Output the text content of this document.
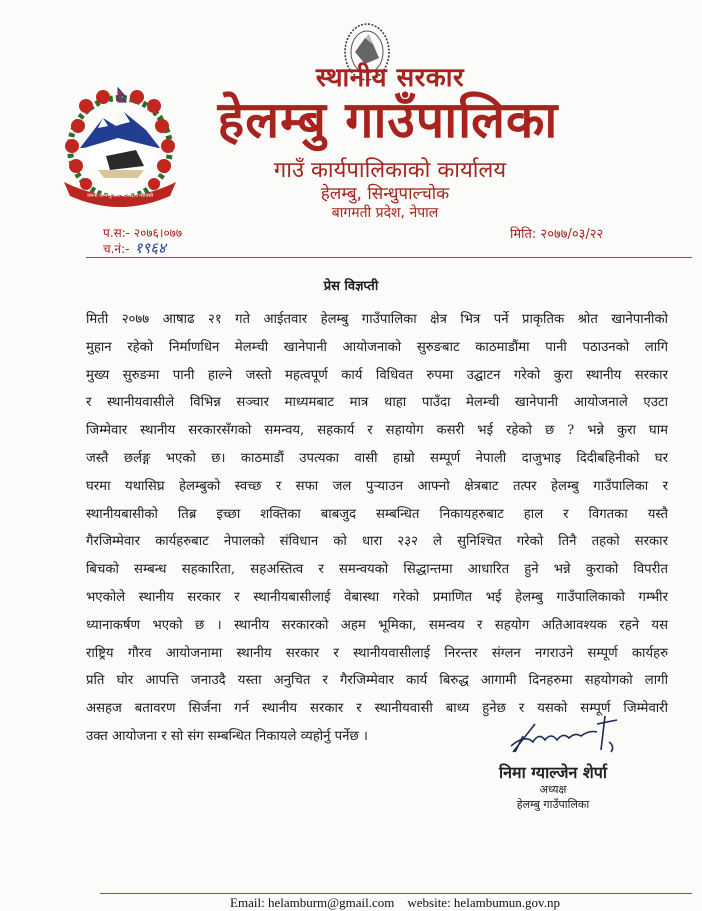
जननी जन्मभूमिश्च स्वर्गादपि गरीयसी
स्थानीय सरकार
हेलम्बु गाउँपालिका
गाउँ कार्यपालिकाको कार्यालय
हेलम्बु, सिन्धुपाल्चोक
बागमती प्रदेश, नेपाल
प.स:- २०७६।०७७
च.नं:- १९६४
मिति: २०७७/०३/२२
प्रेस विज्ञप्ती
मिती २०७७ आषाढ २१ गते आईतवार हेलम्बु गाउँपालिका क्षेत्र भित्र पर्ने प्राकृतिक श्रोत खानेपानीको
मुहान रहेको निर्माणधिन मेलम्ची खानेपानी आयोजनाको सुरुङबाट काठमाडौंमा पानी पठाउनको लागि
मुख्य सुरुङमा पानी हाल्ने जस्तो महत्वपूर्ण कार्य विधिवत रुपमा उद्घाटन गरेको कुरा स्थानीय सरकार
र स्थानीयवासीले विभिन्न सञ्चार माध्यमबाट मात्र थाहा पाउँदा मेलम्ची खानेपानी आयोजनाले एउटा
जिम्मेवार स्थानीय सरकारसँगको समन्वय, सहकार्य र सहायोग कसरी भई रहेको छ ? भन्ने कुरा घाम
जस्तै छर्लङ्ग भएको छ। काठमाडौं उपत्यका वासी हाम्रो सम्पूर्ण नेपाली दाजुभाइ दिदीबहिनीको घर
घरमा यथासिघ्र हेलम्बुको स्वच्छ र सफा जल पुऱ्याउन आफ्नो क्षेत्रबाट तत्पर हेलम्बु गाउँपालिका र
स्थानीयबासीको तिब्र इच्छा शक्तिका बाबजुद सम्बन्धित निकायहरुबाट हाल र विगतका यस्तै
गैरजिम्मेवार कार्यहरुबाट नेपालको संविधान को धारा २३२ ले सुनिश्चित गरेको तिनै तहको सरकार
बिचको सम्बन्ध सहकारिता, सहअस्तित्व र समन्वयको सिद्धान्तमा आधारित हुने भन्ने कुराको विपरीत
भएकोले स्थानीय सरकार र स्थानीयबासीलाई वेबास्था गरेको प्रमाणित भई हेलम्बु गाउँपालिकाको गम्भीर
ध्यानाकर्षण भएको छ । स्थानीय सरकारको अहम भूमिका, समन्वय र सहयोग अतिआवश्यक रहने यस
राष्ट्रिय गौरव आयोजनामा स्थानीय सरकार र स्थानीयवासीलाई निरन्तर संग्लन नगराउने सम्पूर्ण कार्यहरु
प्रति घोर आपत्ति जनाउदै यस्ता अनुचित र गैरजिम्मेवार कार्य बिरुद्ध आगामी दिनहरुमा सहयोगको लागी
असहज बतावरण सिर्जना गर्न स्थानीय सरकार र स्थानीयवासी बाध्य हुनेछ र यसको सम्पूर्ण जिम्मेवारी
उक्त आयोजना र सो संग सम्बन्धित निकायले व्यहोर्नु पर्नेछ ।
निमा ग्याल्जेन शेर्पा
अध्यक्ष
हेलम्बु गाउँपालिका
Email: helamburm@gmail.com website: helambumun.gov.np
